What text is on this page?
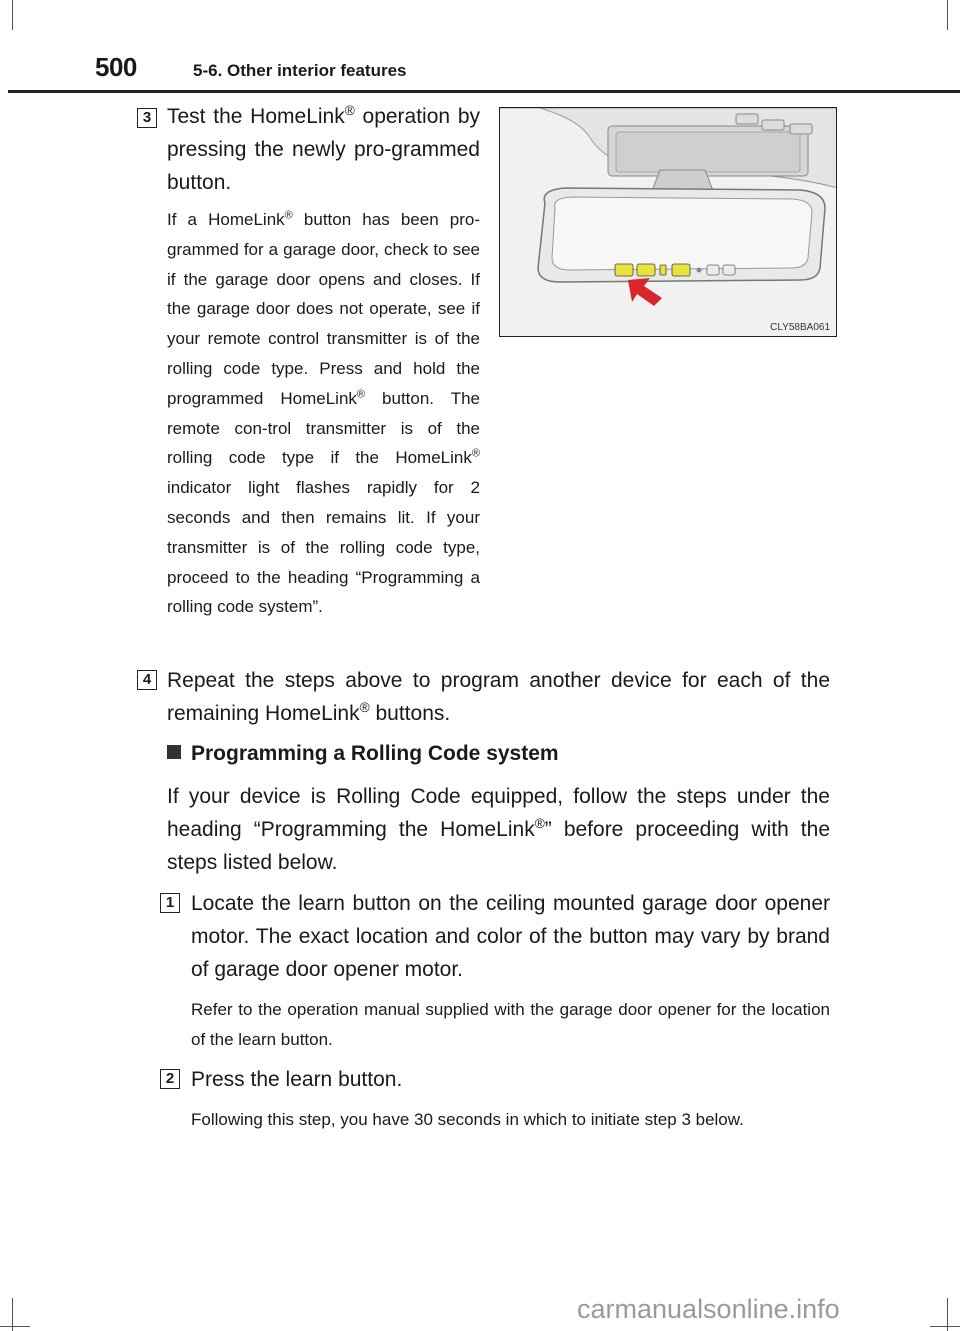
500	5-6. Other interior features
3 Test the HomeLink® operation by pressing the newly pro-grammed button.

If a HomeLink® button has been pro-grammed for a garage door, check to see if the garage door opens and closes. If the garage door does not operate, see if your remote control transmitter is of the rolling code type. Press and hold the programmed HomeLink® button. The remote con-trol transmitter is of the rolling code type if the HomeLink® indicator light flashes rapidly for 2 seconds and then remains lit. If your transmitter is of the rolling code type, proceed to the heading “Programming a rolling code system”.

CLY58BA061
4 Repeat the steps above to program another device for each of the remaining HomeLink® buttons.

Programming a Rolling Code system

If your device is Rolling Code equipped, follow the steps under the heading “Programming the HomeLink®” before proceeding with the steps listed below.

1 Locate the learn button on the ceiling mounted garage door opener motor. The exact location and color of the button may vary by brand of garage door opener motor.

Refer to the operation manual supplied with the garage door opener for the location of the learn button.

2 Press the learn button.

Following this step, you have 30 seconds in which to initiate step 3 below.

carmanualsonline.info
